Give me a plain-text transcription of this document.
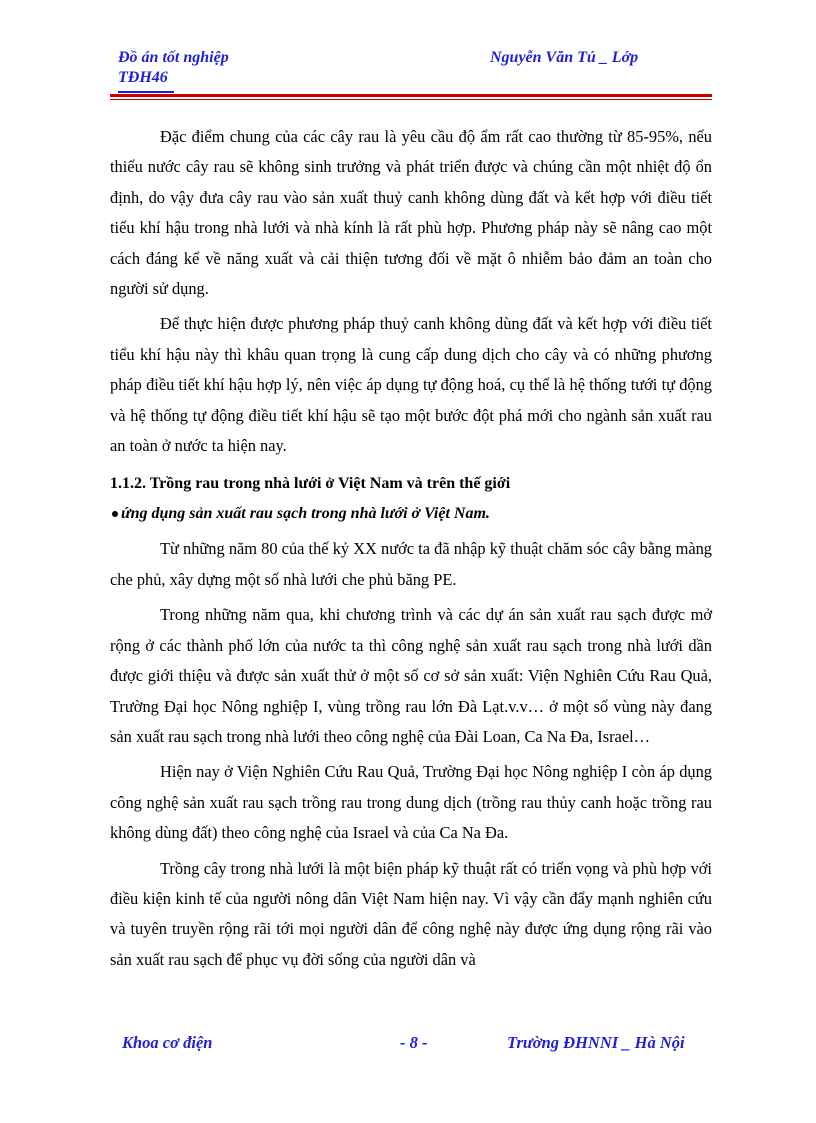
Đồ án tốt nghiệp
TĐH46
Nguyễn Văn Tú _ Lớp

Đặc điểm chung của các cây rau là yêu cầu độ ẩm rất cao thường từ 85-95%, nếu thiếu nước cây rau sẽ không sinh trưởng và phát triển được và chúng cần một nhiệt độ ổn định, do vậy đưa cây rau vào sản xuất thuỷ canh không dùng đất và kết hợp với điều tiết tiểu khí hậu trong nhà lưới và nhà kính là rất phù hợp. Phương pháp này sẽ nâng cao một cách đáng kể về năng xuất và cải thiện tương đối về mặt ô nhiễm bảo đảm an toàn cho người sử dụng.

Để thực hiện được phương pháp thuỷ canh không dùng đất và kết hợp với điều tiết tiểu khí hậu này thì khâu quan trọng là cung cấp dung dịch cho cây và có những phương pháp điều tiết khí hậu hợp lý, nên việc áp dụng tự động hoá, cụ thể là hệ thống tưới tự động và hệ thống tự động điều tiết khí hậu sẽ tạo một bước đột phá mới cho ngành sản xuất rau an toàn ở nước ta hiện nay.

1.1.2. Trồng rau trong nhà lưới ở Việt Nam và trên thế giới
ứng dụng sản xuất rau sạch trong nhà lưới ở Việt Nam.

Từ những năm 80 của thế kỷ XX nước ta đã nhập kỹ thuật chăm sóc cây bằng màng che phủ, xây dựng một số nhà lưới che phủ băng PE.

Trong những năm qua, khi chương trình và các dự án sản xuất rau sạch được mở rộng ở các thành phố lớn của nước ta thì công nghệ sản xuất rau sạch trong nhà lưới dần được giới thiệu và được sản xuất thử ở một số cơ sở sản xuất: Viện Nghiên Cứu Rau Quả, Trường Đại học Nông nghiệp I, vùng trồng rau lớn Đà Lạt.v.v… ở một số vùng này đang sản xuất rau sạch trong nhà lưới theo công nghệ của Đài Loan, Ca Na Đa, Israel…

Hiện nay ở Viện Nghiên Cứu Rau Quả, Trường Đại học Nông nghiệp I còn áp dụng công nghệ sản xuất rau sạch trồng rau trong dung dịch (trồng rau thủy canh hoặc trồng rau không dùng đất) theo công nghệ của Israel và của Ca Na Đa.

Trồng cây trong nhà lưới là một biện pháp kỹ thuật rất có triển vọng và phù hợp với điều kiện kinh tế của người nông dân Việt Nam hiện nay. Vì vậy cần đẩy mạnh nghiên cứu và tuyên truyền rộng rãi tới mọi người dân để công nghệ này được ứng dụng rộng rãi vào sản xuất rau sạch để phục vụ đời sống của người dân và

Khoa cơ điện	- 8 -	Trường ĐHNNI _ Hà Nội
